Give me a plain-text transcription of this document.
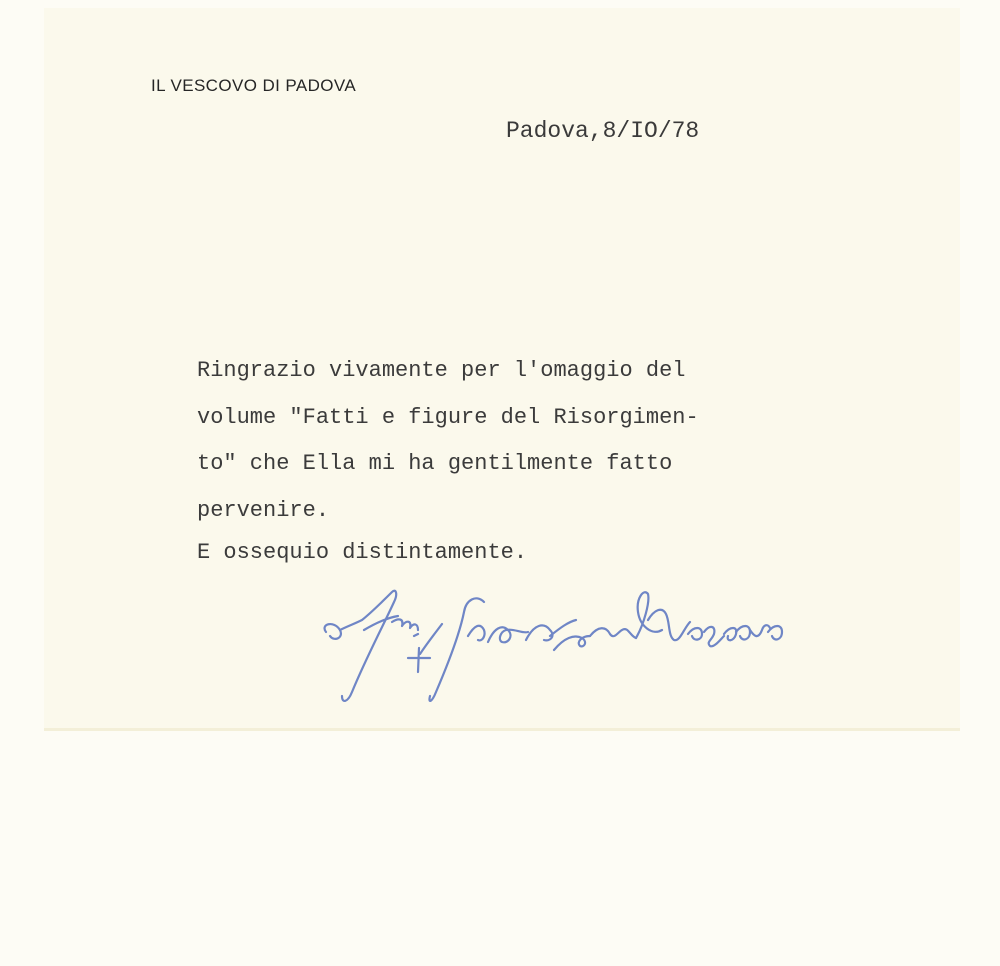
IL VESCOVO DI PADOVA
Padova,8/IO/78
Ringrazio vivamente per l'omaggio del
volume "Fatti e figure del Risorgimen-
to" che Ella mi ha gentilmente fatto
pervenire.
E ossequio distintamente.
